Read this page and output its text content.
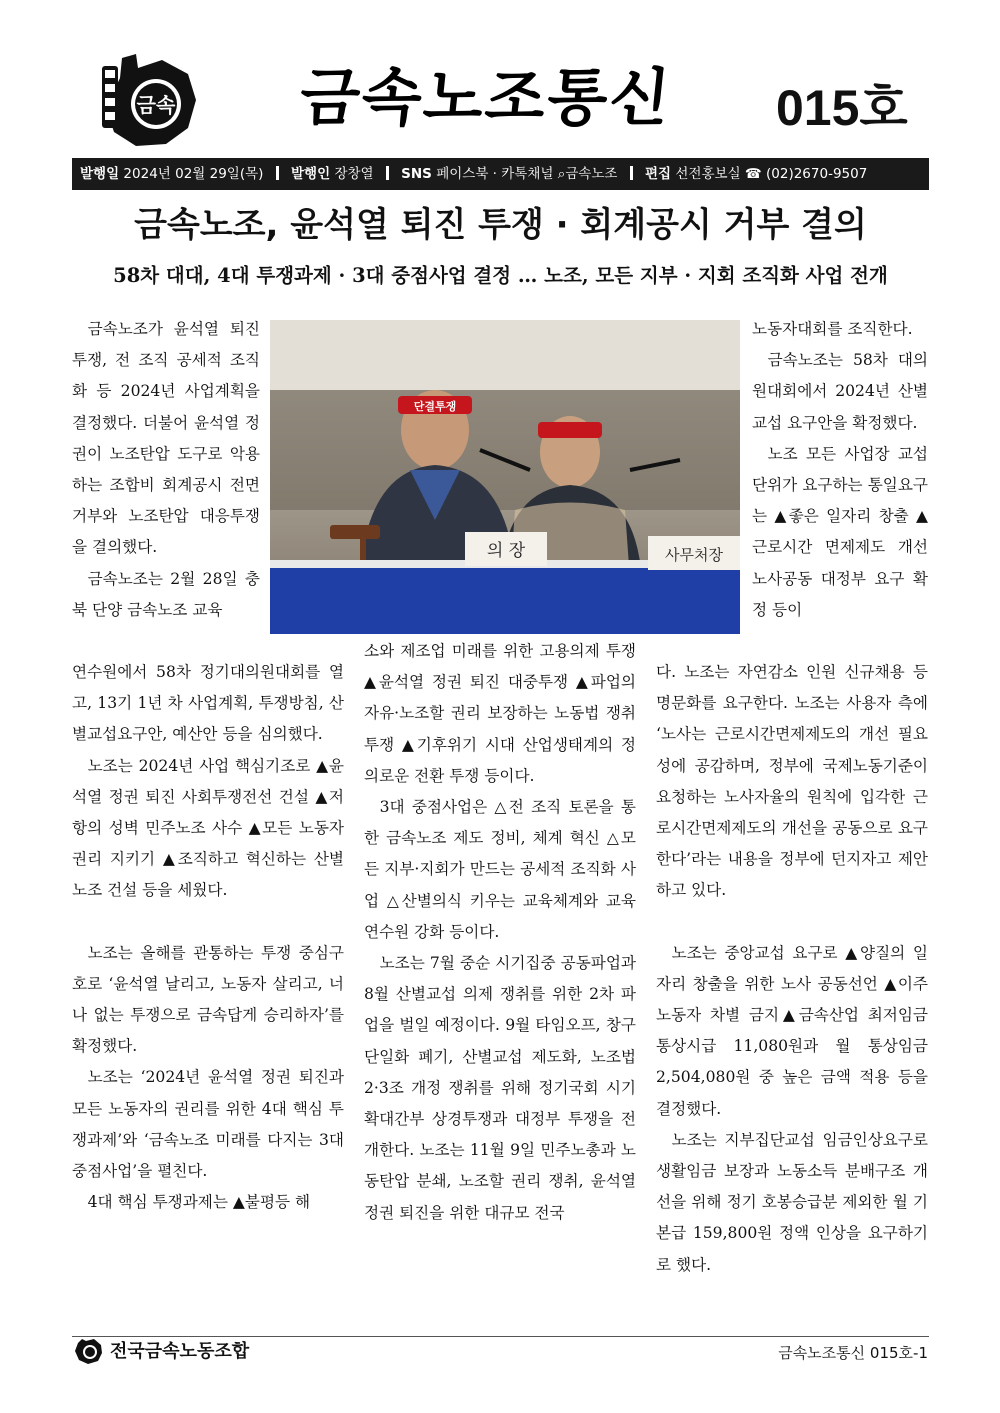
금속 금속노조통신	015호
발행일 2024년 02월 29일(목) 발행인 장창열 SNS 페이스북 · 카톡채널 ⌕금속노조 편집 선전홍보실 ☎ (02)2670-9507
금속노조, 윤석열 퇴진 투쟁 · 회계공시 거부 결의
58차 대대, 4대 투쟁과제 · 3대 중점사업 결정 … 노조, 모든 지부 · 지회 조직화 사업 전개
단결투쟁
의 장	사무처장

금속노조가 윤석열 퇴진 투쟁, 전 조직 공세적 조직화 등 2024년 사업계획을 결정했다. 더불어 윤석열 정권이 노조탄압 도구로 악용하는 조합비 회계공시 전면거부와 노조탄압 대응투쟁을 결의했다.

금속노조는 2월 28일 충북 단양 금속노조 교육

연수원에서 58차 정기대의원대회를 열고, 13기 1년 차 사업계획, 투쟁방침, 산별교섭요구안, 예산안 등을 심의했다.

노조는 2024년 사업 핵심기조로 ▲윤석열 정권 퇴진 사회투쟁전선 건설 ▲저항의 성벽 민주노조 사수 ▲모든 노동자 권리 지키기 ▲조직하고 혁신하는 산별노조 건설 등을 세웠다.

노조는 올해를 관통하는 투쟁 중심구호로 ‘윤석열 날리고, 노동자 살리고, 너나 없는 투쟁으로 금속답게 승리하자’를 확정했다.

노조는 ‘2024년 윤석열 정권 퇴진과 모든 노동자의 권리를 위한 4대 핵심 투쟁과제’와 ‘금속노조 미래를 다지는 3대 중점사업’을 펼친다.

4대 핵심 투쟁과제는 ▲불평등 해

소와 제조업 미래를 위한 고용의제 투쟁 ▲윤석열 정권 퇴진 대중투쟁 ▲파업의 자유·노조할 권리 보장하는 노동법 쟁취 투쟁 ▲기후위기 시대 산업생태계의 정의로운 전환 투쟁 등이다.

3대 중점사업은 △전 조직 토론을 통한 금속노조 제도 정비, 체계 혁신 △모든 지부·지회가 만드는 공세적 조직화 사업 △산별의식 키우는 교육체계와 교육연수원 강화 등이다.

노조는 7월 중순 시기집중 공동파업과 8월 산별교섭 의제 쟁취를 위한 2차 파업을 벌일 예정이다. 9월 타임오프, 창구단일화 폐기, 산별교섭 제도화, 노조법 2·3조 개정 쟁취를 위해 정기국회 시기 확대간부 상경투쟁과 대정부 투쟁을 전개한다. 노조는 11월 9일 민주노총과 노동탄압 분쇄, 노조할 권리 쟁취, 윤석열 정권 퇴진을 위한 대규모 전국

노동자대회를 조직한다.

금속노조는 58차 대의원대회에서 2024년 산별교섭 요구안을 확정했다.

노조 모든 사업장 교섭단위가 요구하는 통일요구는 ▲좋은 일자리 창출 ▲근로시간 면제제도 개선 노사공동 대정부 요구 확정 등이

다. 노조는 자연감소 인원 신규채용 등 명문화를 요구한다. 노조는 사용자 측에 ‘노사는 근로시간면제제도의 개선 필요성에 공감하며, 정부에 국제노동기준이 요청하는 노사자율의 원칙에 입각한 근로시간면제제도의 개선을 공동으로 요구한다’라는 내용을 정부에 던지자고 제안하고 있다.

노조는 중앙교섭 요구로 ▲양질의 일자리 창출을 위한 노사 공동선언 ▲이주노동자 차별 금지▲금속산업 최저임금 통상시급 11,080원과 월 통상임금 2,504,080원 중 높은 금액 적용 등을 결정했다.

노조는 지부집단교섭 임금인상요구로 생활임금 보장과 노동소득 분배구조 개선을 위해 정기 호봉승급분 제외한 월 기본급 159,800원 정액 인상을 요구하기로 했다.

전국금속노동조합	금속노조통신 015호-1
